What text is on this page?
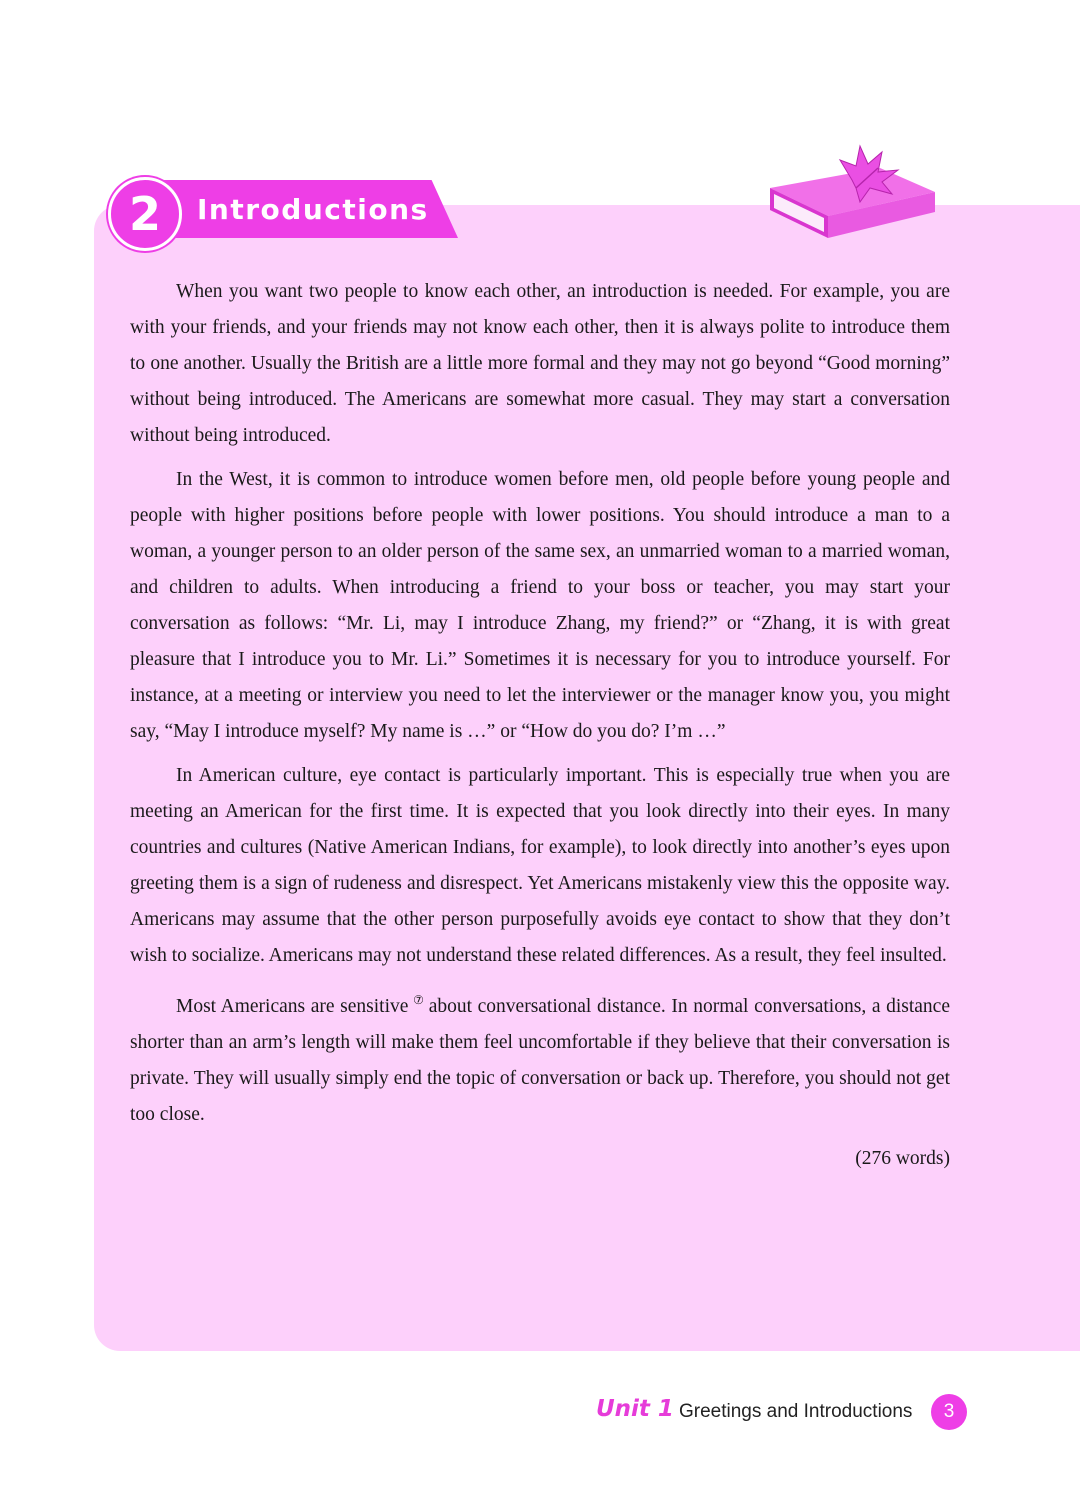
2	Introductions

When you want two people to know each other, an introduction is needed. For example, you are with your friends, and your friends may not know each other, then it is always polite to introduce them to one another. Usually the British are a little more formal and they may not go beyond “Good morning” without being introduced. The Americans are somewhat more casual. They may start a conversation without being introduced.

In the West, it is common to introduce women before men, old people before young people and people with higher positions before people with lower positions. You should introduce a man to a woman, a younger person to an older person of the same sex, an unmarried woman to a married woman, and children to adults. When introducing a friend to your boss or teacher, you may start your conversation as follows: “Mr. Li, may I introduce Zhang, my friend?” or “Zhang, it is with great pleasure that I introduce you to Mr. Li.” Sometimes it is necessary for you to introduce yourself. For instance, at a meeting or interview you need to let the interviewer or the manager know you, you might say, “May I introduce myself? My name is …” or “How do you do? I’m …”

In American culture, eye contact is particularly important. This is especially true when you are meeting an American for the first time. It is expected that you look directly into their eyes. In many countries and cultures (Native American Indians, for example), to look directly into another’s eyes upon greeting them is a sign of rudeness and disrespect. Yet Americans mistakenly view this the opposite way. Americans may assume that the other person purposefully avoids eye contact to show that they don’t wish to socialize. Americans may not understand these related differences. As a result, they feel insulted.

Most Americans are sensitive ⑦ about conversational distance. In normal conversations, a distance shorter than an arm’s length will make them feel uncomfortable if they believe that their conversation is private. They will usually simply end the topic of conversation or back up. Therefore, you should not get too close.

(276 words)
Unit 1 Greetings and Introductions	3
